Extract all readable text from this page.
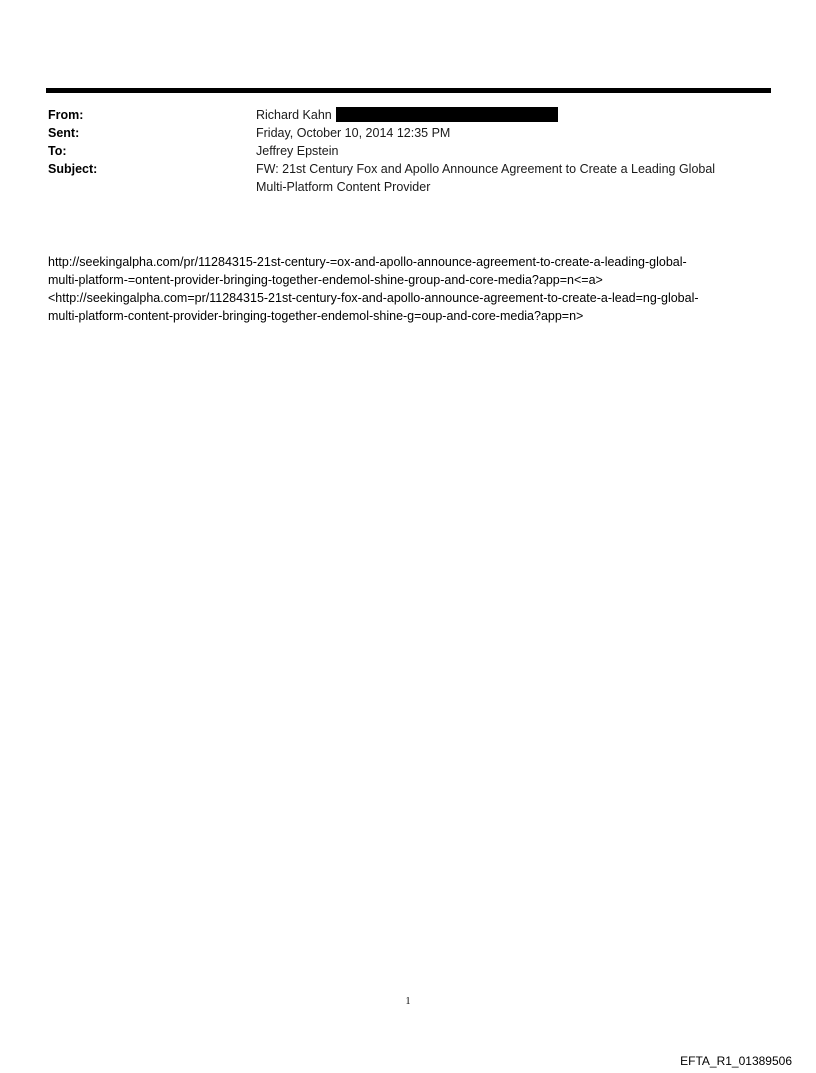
From:	Richard Kahn
Sent:	Friday, October 10, 2014 12:35 PM
To:	Jeffrey Epstein
Subject:	FW: 21st Century Fox and Apollo Announce Agreement to Create a Leading Global
Multi-Platform Content Provider
http://seekingalpha.com/pr/11284315-21st-century-=ox-and-apollo-announce-agreement-to-create-a-leading-global-
multi-platform-=ontent-provider-bringing-together-endemol-shine-group-and-core-media?app=n<=a>
<http://seekingalpha.com=pr/11284315-21st-century-fox-and-apollo-announce-agreement-to-create-a-lead=ng-global-
multi-platform-content-provider-bringing-together-endemol-shine-g=oup-and-core-media?app=n>
1
EFTA_R1_01389506
